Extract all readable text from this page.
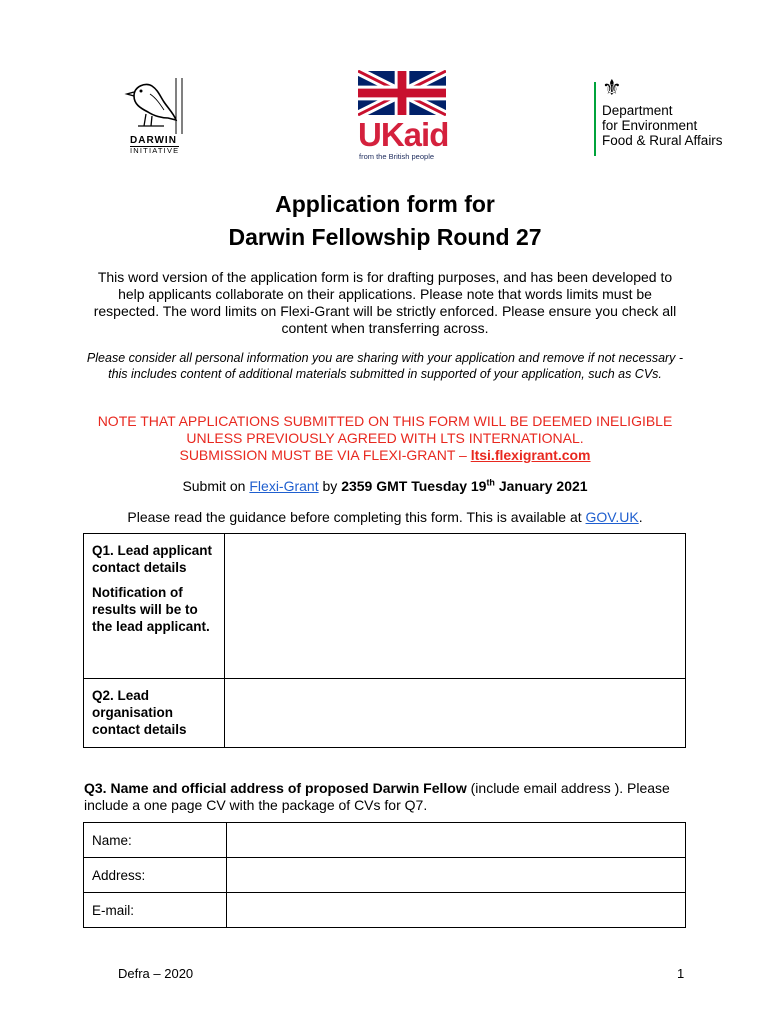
DARWIN
INITIATIVE	UKaid
from the British people
⚜
Department
for Environment
Food & Rural Affairs
Application form for
Darwin Fellowship Round 27

This word version of the application form is for drafting purposes, and has been developed to help applicants collaborate on their applications. Please note that words limits must be respected. The word limits on Flexi-Grant will be strictly enforced. Please ensure you check all content when transferring across.

Please consider all personal information you are sharing with your application and remove if not necessary - this includes content of additional materials submitted in supported of your application, such as CVs.

NOTE THAT APPLICATIONS SUBMITTED ON THIS FORM WILL BE DEEMED INELIGIBLE UNLESS PREVIOUSLY AGREED WITH LTS INTERNATIONAL.
SUBMISSION MUST BE VIA FLEXI-GRANT – ltsi.flexigrant.com

Submit on Flexi-Grant by 2359 GMT Tuesday 19th January 2021

Please read the guidance before completing this form. This is available at GOV.UK.

Q1. Lead applicant contact details

Notification of results will be to the lead applicant.	

Q2. Lead organisation contact details	

Q3. Name and official address of proposed Darwin Fellow (include email address ). Please include a one page CV with the package of CVs for Q7.

Name:	
Address:	
E-mail:	
Defra – 2020	1
